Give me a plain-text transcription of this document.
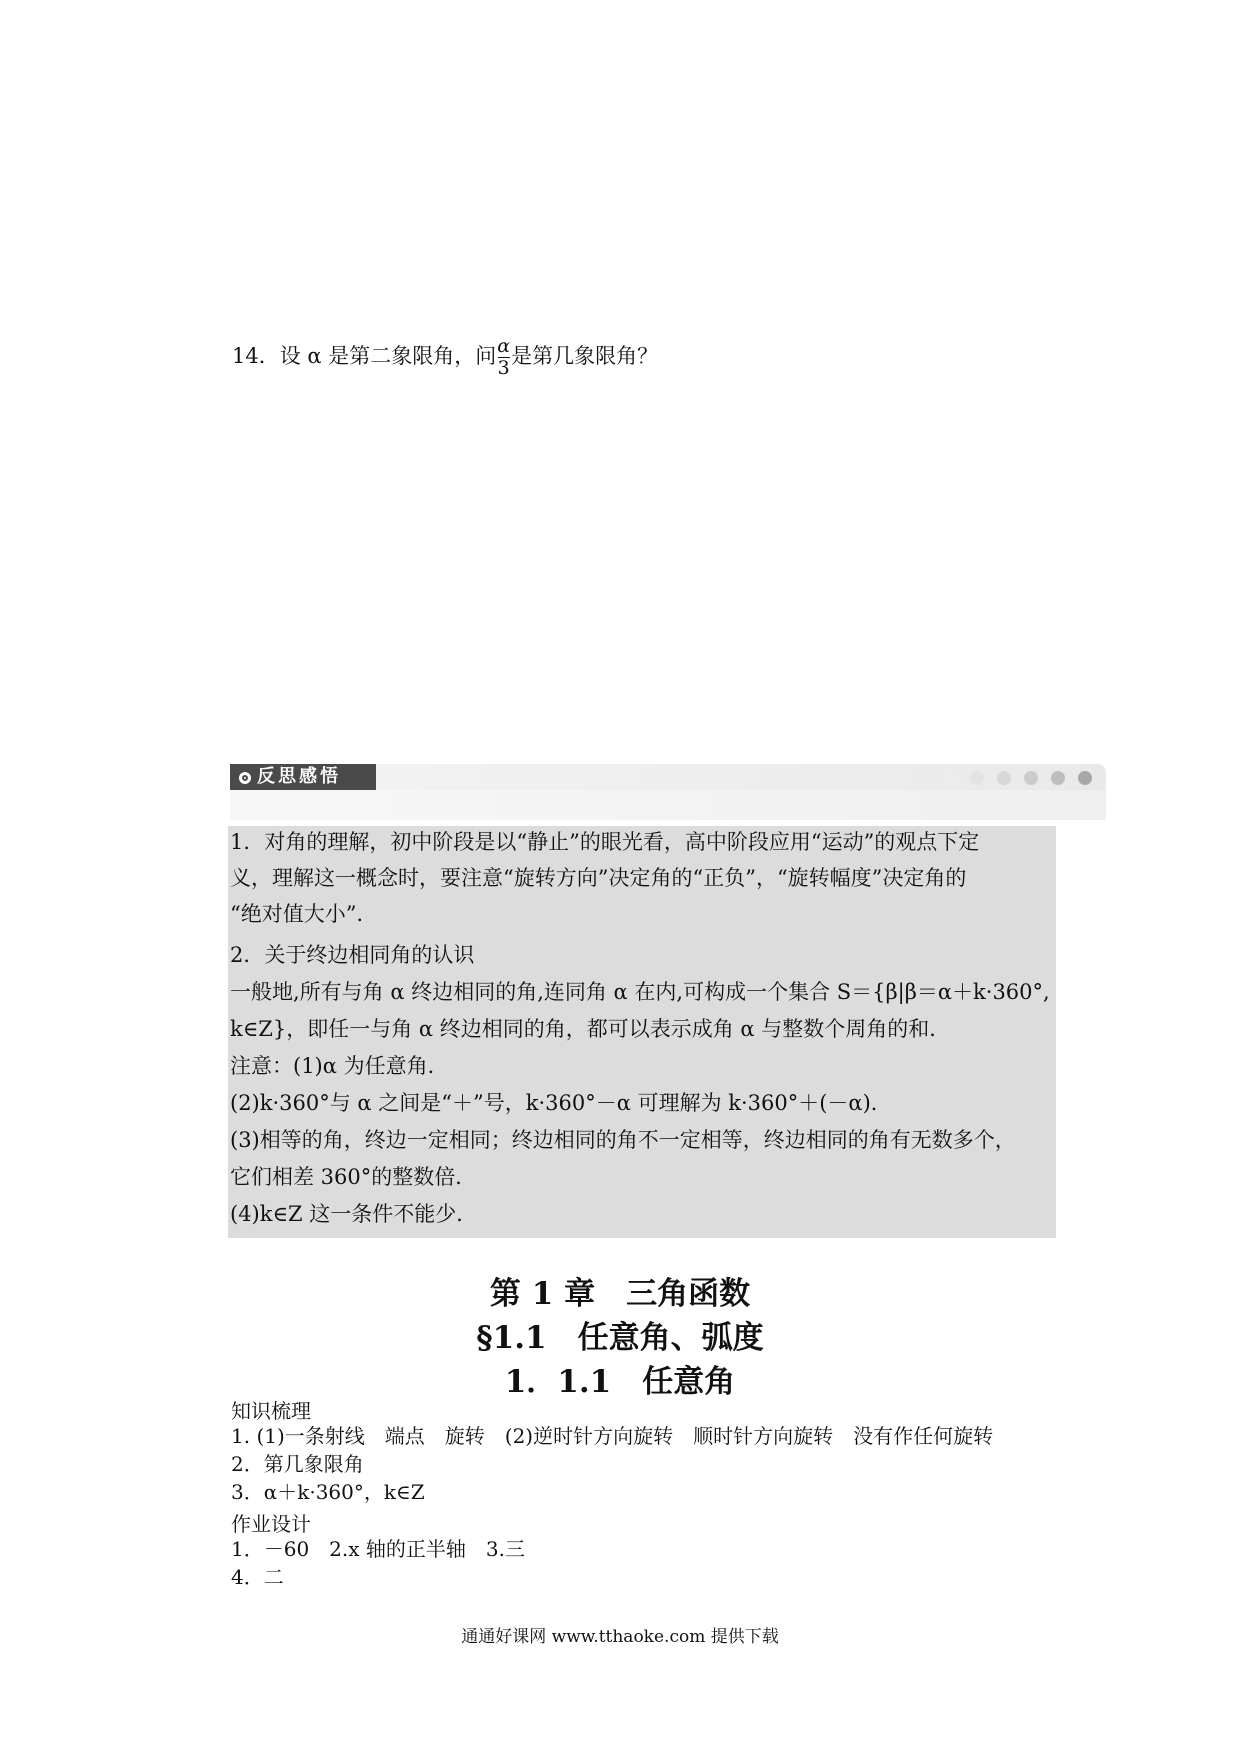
14．设 α 是第二象限角，问 $\frac{\alpha}{3}$ 是第几象限角？
反思感悟
1．对角的理解，初中阶段是以“静止”的眼光看，高中阶段应用“运动”的观点下定
义，理解这一概念时，要注意“旋转方向”决定角的“正负”，“旋转幅度”决定角的
“绝对值大小”．
2．关于终边相同角的认识
一般地,所有与角 α 终边相同的角,连同角 α 在内,可构成一个集合 S＝{β|β＝α＋k·360°,
k∈Z}，即任一与角 α 终边相同的角，都可以表示成角 α 与整数个周角的和．
注意：(1)α 为任意角．
(2)k·360°与 α 之间是“＋”号，k·360°－α 可理解为 k·360°＋(－α)．
(3)相等的角，终边一定相同；终边相同的角不一定相等，终边相同的角有无数多个，
它们相差 360°的整数倍．
(4)k∈Z 这一条件不能少．
第 1 章　三角函数
§1.1　任意角、弧度
1．1.1　任意角
知识梳理
1. (1)一条射线　端点　旋转　(2)逆时针方向旋转　顺时针方向旋转　没有作任何旋转
2．第几象限角
3．α＋k·360°，k∈Z
作业设计
1．－60　2.x 轴的正半轴　3.三
4．二
通通好课网 www.tthaoke.com 提供下载
